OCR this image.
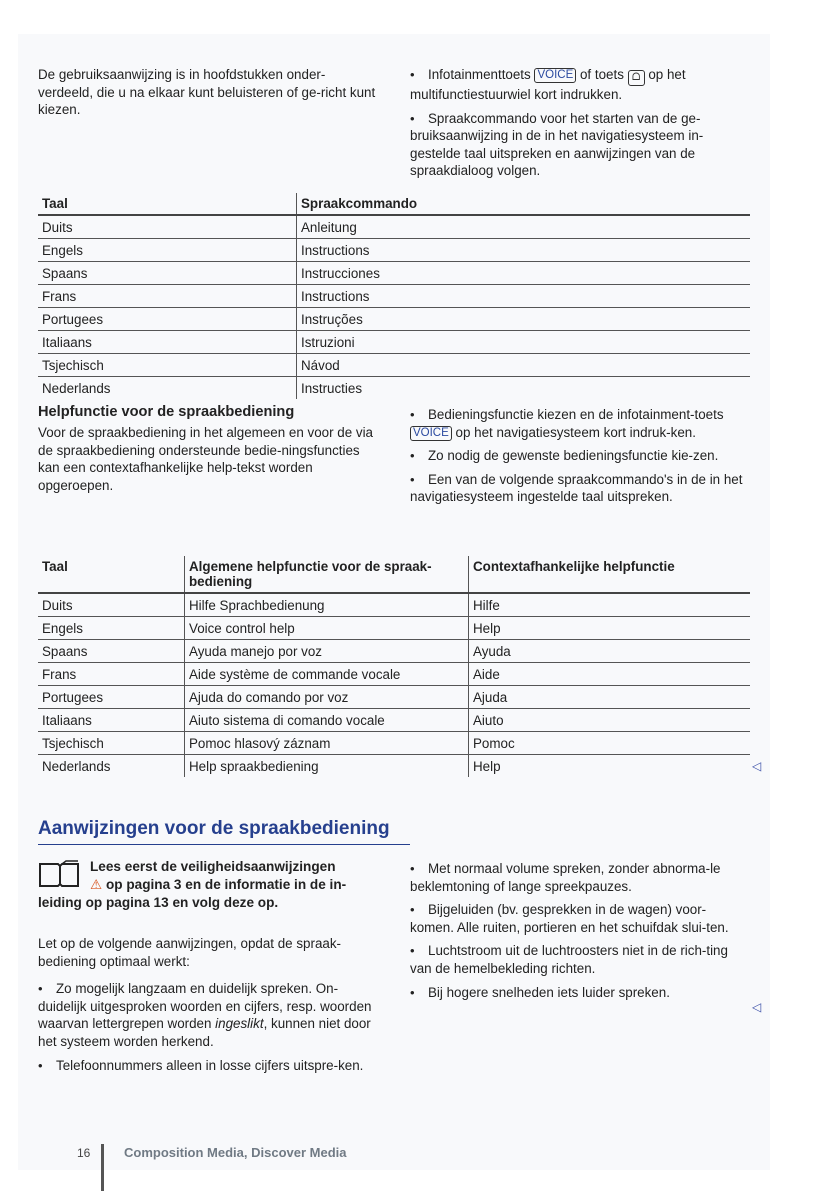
De gebruiksaanwijzing is in hoofdstukken onder-verdeeld, die u na elkaar kunt beluisteren of ge-richt kunt kiezen.

• Infotainmenttoets VOICE of toets ᗝ op het multifunctiestuurwiel kort indrukken.

• Spraakcommando voor het starten van de ge-bruiksaanwijzing in de in het navigatiesysteem in-gestelde taal uitspreken en aanwijzingen van de spraakdialoog volgen.

Taal	Spraakcommando
Duits	Anleitung
Engels	Instructions
Spaans	Instrucciones
Frans	Instructions
Portugees	Instruções
Italiaans	Istruzioni
Tsjechisch	Návod
Nederlands	Instructies
Helpfunctie voor de spraakbediening
Voor de spraakbediening in het algemeen en voor de via de spraakbediening ondersteunde bedie-ningsfuncties kan een contextafhankelijke help-tekst worden opgeroepen.

• Bedieningsfunctie kiezen en de infotainment-toets VOICE op het navigatiesysteem kort indruk-ken.

• Zo nodig de gewenste bedieningsfunctie kie-zen.

• Een van de volgende spraakcommando's in de in het navigatiesysteem ingestelde taal uitspreken.

Taal	Algemene helpfunctie voor de spraak-bediening	Contextafhankelijke helpfunctie
Duits	Hilfe Sprachbedienung	Hilfe
Engels	Voice control help	Help
Spaans	Ayuda manejo por voz	Ayuda
Frans	Aide système de commande vocale	Aide
Portugees	Ajuda do comando por voz	Ajuda
Italiaans	Aiuto sistema di comando vocale	Aiuto
Tsjechisch	Pomoc hlasový záznam	Pomoc
Nederlands	Help spraakbediening	Help	◁
Aanwijzingen voor de spraakbediening
Lees eerst de veiligheidsaanwijzingen
⚠ op pagina 3 en de informatie in de in-
leiding op pagina 13 en volg deze op.

Let op de volgende aanwijzingen, opdat de spraak-bediening optimaal werkt:

• Zo mogelijk langzaam en duidelijk spreken. On-duidelijk uitgesproken woorden en cijfers, resp. woorden waarvan lettergrepen worden ingeslikt, kunnen niet door het systeem worden herkend.

• Telefoonnummers alleen in losse cijfers uitspre-ken.

• Met normaal volume spreken, zonder abnorma-le beklemtoning of lange spreekpauzes.

• Bijgeluiden (bv. gesprekken in de wagen) voor-komen. Alle ruiten, portieren en het schuifdak slui-ten.

• Luchtstroom uit de luchtroosters niet in de rich-ting van de hemelbekleding richten.

• Bij hogere snelheden iets luider spreken.

◁
16	Composition Media, Discover Media
